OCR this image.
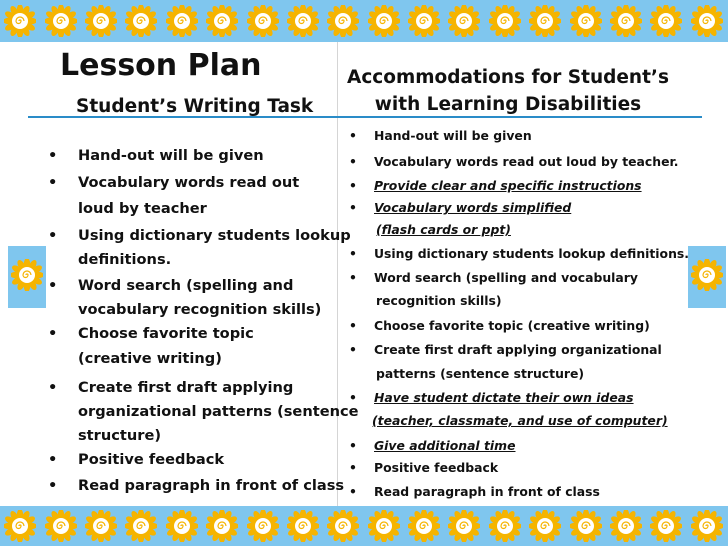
Lesson Plan
Student’s Writing Task
Accommodations for Student’s
with Learning Disabilities
• Hand-out will be given
• Vocabulary words read out
loud by teacher
• Using dictionary students lookup
definitions.
• Word search (spelling and
vocabulary recognition skills)
• Choose favorite topic
(creative writing)
• Create first draft applying
organizational patterns (sentence
structure)
• Positive feedback
• Read paragraph in front of class
• Hand-out will be given
• Vocabulary words read out loud by teacher.
• Provide clear and specific instructions
• Vocabulary words simplified
(flash cards or ppt)
• Using dictionary students lookup definitions.
• Word search (spelling and vocabulary
recognition skills)
• Choose favorite topic (creative writing)
• Create first draft applying organizational
patterns (sentence structure)
• Have student dictate their own ideas
(teacher, classmate, and use of computer)
• Give additional time
• Positive feedback
• Read paragraph in front of class
